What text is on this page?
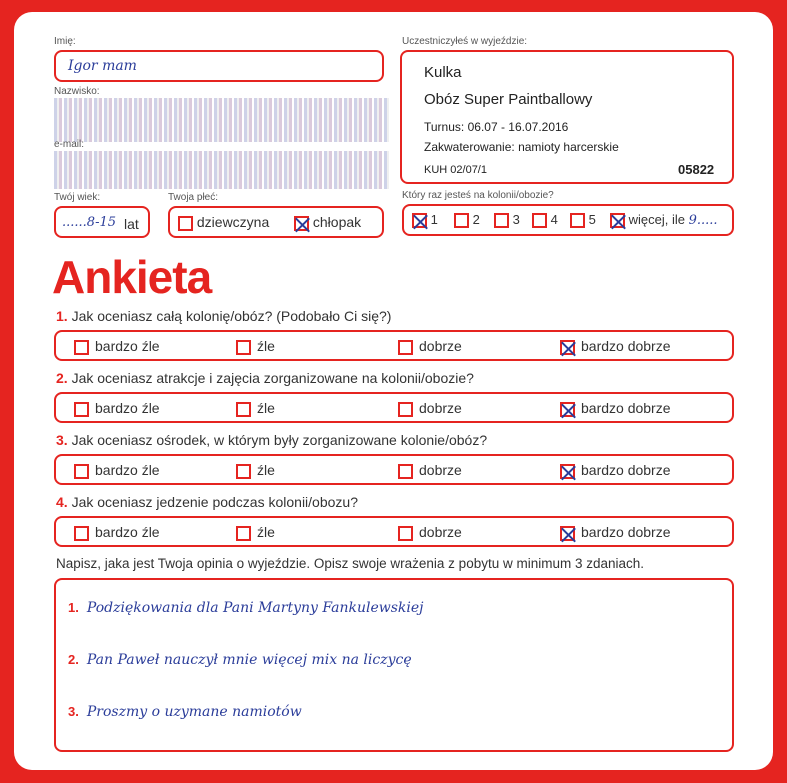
Imię:
Igor mam
Nazwisko:
e-mail:
Twój wiek:
......8-15 lat
Twoja płeć:
dziewczyna	chłopak
Uczestniczyłeś w wyjeździe:
Kulka
Obóz Super Paintballowy
Turnus: 06.07 - 16.07.2016
Zakwaterowanie: namioty harcerskie
KUH 02/07/1	05822
Który raz jesteś na kolonii/obozie?
1	2	3	4	5	więcej, ile 9.....
Ankieta
1. Jak oceniasz całą kolonię/obóz? (Podobało Ci się?)
bardzo źle	źle	dobrze	bardzo dobrze
2. Jak oceniasz atrakcje i zajęcia zorganizowane na kolonii/obozie?
bardzo źle	źle	dobrze	bardzo dobrze
3. Jak oceniasz ośrodek, w którym były zorganizowane kolonie/obóz?
bardzo źle	źle	dobrze	bardzo dobrze
4. Jak oceniasz jedzenie podczas kolonii/obozu?
bardzo źle	źle	dobrze	bardzo dobrze
Napisz, jaka jest Twoja opinia o wyjeździe. Opisz swoje wrażenia z pobytu w minimum 3 zdaniach.
1. Podziękowania dla Pani Martyny Fankulewskiej
2. Pan Paweł nauczył mnie więcej mix na liczycę
3. Proszmy o uzymane namiotów
